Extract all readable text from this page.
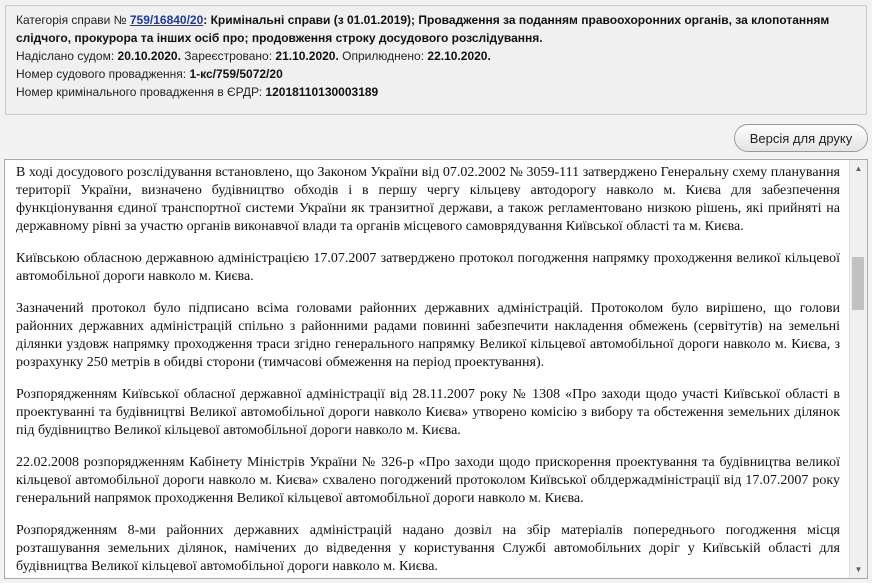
Категорія справи № 759/16840/20: Кримінальні справи (з 01.01.2019); Провадження за поданням правоохоронних органів, за клопотанням слідчого, прокурора та інших осіб про; продовження строку досудового розслідування.
Надіслано судом: 20.10.2020. Зареєстровано: 21.10.2020. Оприлюднено: 22.10.2020.
Номер судового провадження: 1-кс/759/5072/20
Номер кримінального провадження в ЄРДР: 12018110130003189
Версія для друку

В ході досудового розслідування встановлено, що Законом України від 07.02.2002 № 3059-111 затверджено Генеральну схему планування території України, визначено будівництво обходів і в першу чергу кільцеву автодорогу навколо м. Києва для забезпечення функціонування єдиної транспортної системи України як транзитної держави, а також регламентовано низкою рішень, які прийняті на державному рівні за участю органів виконавчої влади та органів місцевого самоврядування Київської області та м. Києва.

Київською обласною державною адміністрацією 17.07.2007 затверджено протокол погодження напрямку проходження великої кільцевої автомобільної дороги навколо м. Києва.

Зазначений протокол було підписано всіма головами районних державних адміністрацій. Протоколом було вирішено, що голови районних державних адміністрацій спільно з районними радами повинні забезпечити накладення обмежень (сервітутів) на земельні ділянки уздовж напрямку проходження траси згідно генерального напрямку Великої кільцевої автомобільної дороги навколо м. Києва, з розрахунку 250 метрів в обидві сторони (тимчасові обмеження на період проектування).

Розпорядженням Київської обласної державної адміністрації від 28.11.2007 року № 1308 «Про заходи щодо участі Київської області в проектуванні та будівництві Великої автомобільної дороги навколо Києва» утворено комісію з вибору та обстеження земельних ділянок під будівництво Великої кільцевої автомобільної дороги навколо м. Києва.

22.02.2008 розпорядженням Кабінету Міністрів України № 326-р «Про заходи щодо прискорення проектування та будівництва великої кільцевої автомобільної дороги навколо м. Києва» схвалено погоджений протоколом Київської облдержадміністрації від 17.07.2007 року генеральний напрямок проходження Великої кільцевої автомобільної дороги навколо м. Києва.

Розпорядженням 8-ми районних державних адміністрацій надано дозвіл на збір матеріалів попереднього погодження місця розташування земельних ділянок, намічених до відведення у користування Службі автомобільних доріг у Київській області для будівництва Великої кільцевої автомобільної дороги навколо м. Києва.

▲
▼
